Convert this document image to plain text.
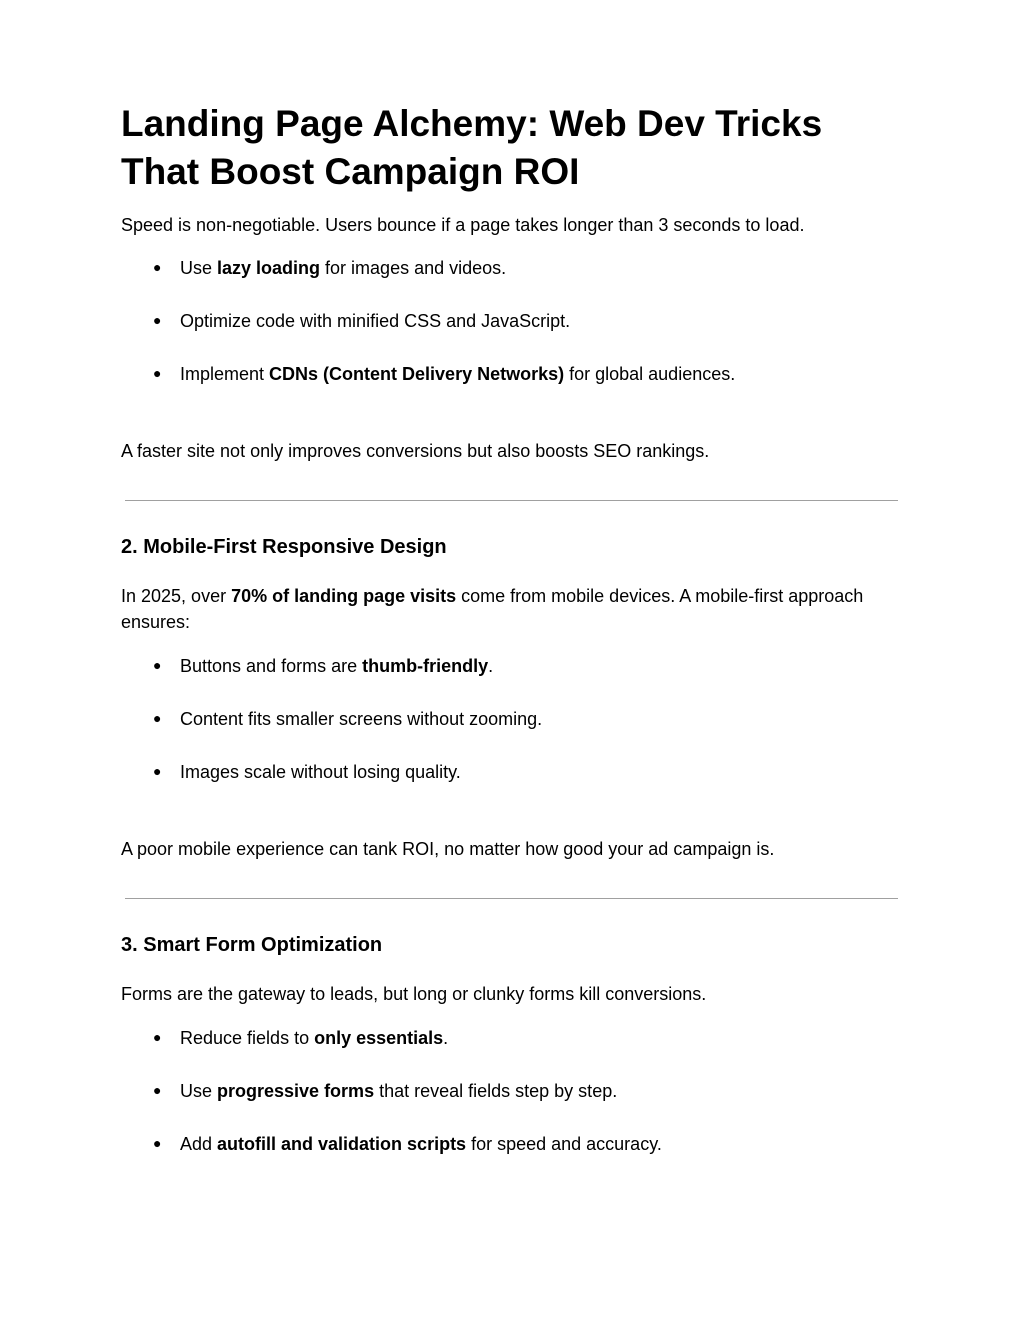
Landing Page Alchemy: Web Dev Tricks That Boost Campaign ROI
Speed is non-negotiable. Users bounce if a page takes longer than 3 seconds to load.
● Use lazy loading for images and videos.
● Optimize code with minified CSS and JavaScript.
● Implement CDNs (Content Delivery Networks) for global audiences.
A faster site not only improves conversions but also boosts SEO rankings.
2. Mobile-First Responsive Design
In 2025, over 70% of landing page visits come from mobile devices. A mobile-first approach ensures:
● Buttons and forms are thumb-friendly.
● Content fits smaller screens without zooming.
● Images scale without losing quality.
A poor mobile experience can tank ROI, no matter how good your ad campaign is.
3. Smart Form Optimization
Forms are the gateway to leads, but long or clunky forms kill conversions.
● Reduce fields to only essentials.
● Use progressive forms that reveal fields step by step.
● Add autofill and validation scripts for speed and accuracy.
